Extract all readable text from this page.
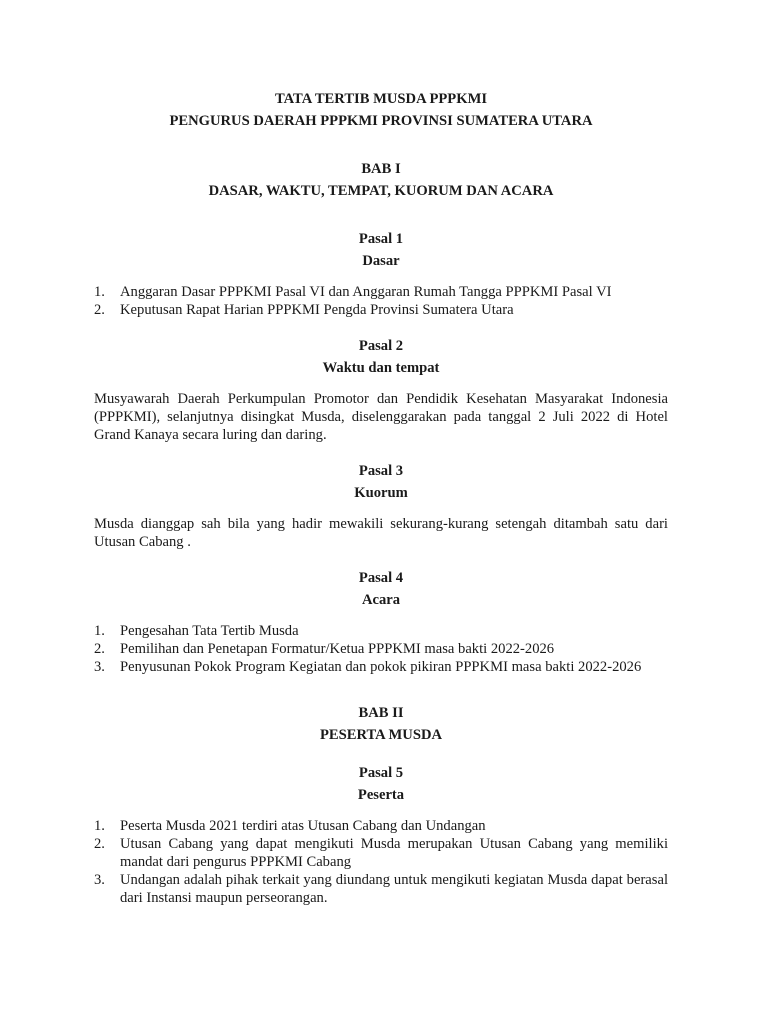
TATA TERTIB MUSDA PPPKMI
PENGURUS DAERAH PPPKMI PROVINSI SUMATERA UTARA
BAB I
DASAR, WAKTU, TEMPAT, KUORUM DAN ACARA
Pasal 1
Dasar
1. Anggaran Dasar PPPKMI Pasal VI dan Anggaran Rumah Tangga PPPKMI Pasal VI
2. Keputusan Rapat Harian PPPKMI Pengda Provinsi Sumatera Utara
Pasal 2
Waktu dan tempat

Musyawarah Daerah Perkumpulan Promotor dan Pendidik Kesehatan Masyarakat Indonesia (PPPKMI), selanjutnya disingkat Musda, diselenggarakan pada tanggal 2 Juli 2022 di Hotel Grand Kanaya secara luring dan daring.

Pasal 3
Kuorum

Musda dianggap sah bila yang hadir mewakili sekurang-kurang setengah ditambah satu dari Utusan Cabang .

Pasal 4
Acara
1. Pengesahan Tata Tertib Musda
2. Pemilihan dan Penetapan Formatur/Ketua PPPKMI masa bakti 2022-2026
3. Penyusunan Pokok Program Kegiatan dan pokok pikiran PPPKMI masa bakti 2022-2026
BAB II
PESERTA MUSDA
Pasal 5
Peserta
1. Peserta Musda 2021 terdiri atas Utusan Cabang dan Undangan
2. Utusan Cabang yang dapat mengikuti Musda merupakan Utusan Cabang yang memiliki mandat dari pengurus PPPKMI Cabang
3. Undangan adalah pihak terkait yang diundang untuk mengikuti kegiatan Musda dapat berasal dari Instansi maupun perseorangan.
